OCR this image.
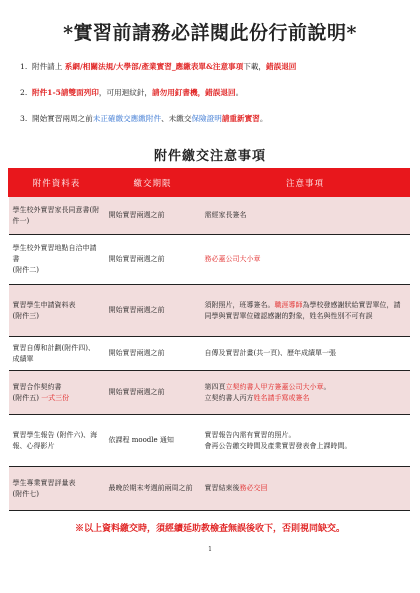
*實習前請務必詳閱此份行前說明*
1. 附件請上 系網/相關法規/大學部/產業實習_應繳表單&注意事項下載，錯誤退回
2. 附件1-5請雙面列印，可用迴紋針，請勿用釘書機，錯誤退回。
3. 開始實習兩周之前未正確繳交應繳附件、未繳交保險證明請重新實習。
附件繳交注意事項
附件資料表	繳交期限	注意事項
學生校外實習家長同意書(附件一)	開始實習兩週之前	需經家長簽名
學生校外實習地點自洽申請書
(附件二)	開始實習兩週之前	務必蓋公司大小章
實習學生申請資料表
(附件三)	開始實習兩週之前	須附照片，班導簽名。職涯導師為學校發感謝狀給實習單位，請同學與實習單位確認感謝的對象，姓名與性別不可有誤
實習自傳和計劃(附件四)、成績單	開始實習兩週之前	自傳及實習計畫(共一頁)、歷年成績單一張
實習合作契約書
(附件五) 一式三份	開始實習兩週之前	第四頁立契約書人甲方簽蓋公司大小章。
立契約書人丙方姓名請手寫或簽名
實習學生報告 (附件六)、海報、心得影片	依課程 moodle 通知	實習報告內需有實習的照片。
會再公告繳交時間及產業實習發表會上課時間。
學生專業實習評量表
(附件七)	最晚於期末考週前兩周之前	實習結束後務必交回
※以上資料繳交時，須經續延助教檢查無誤後收下，否則視同缺交。
1
